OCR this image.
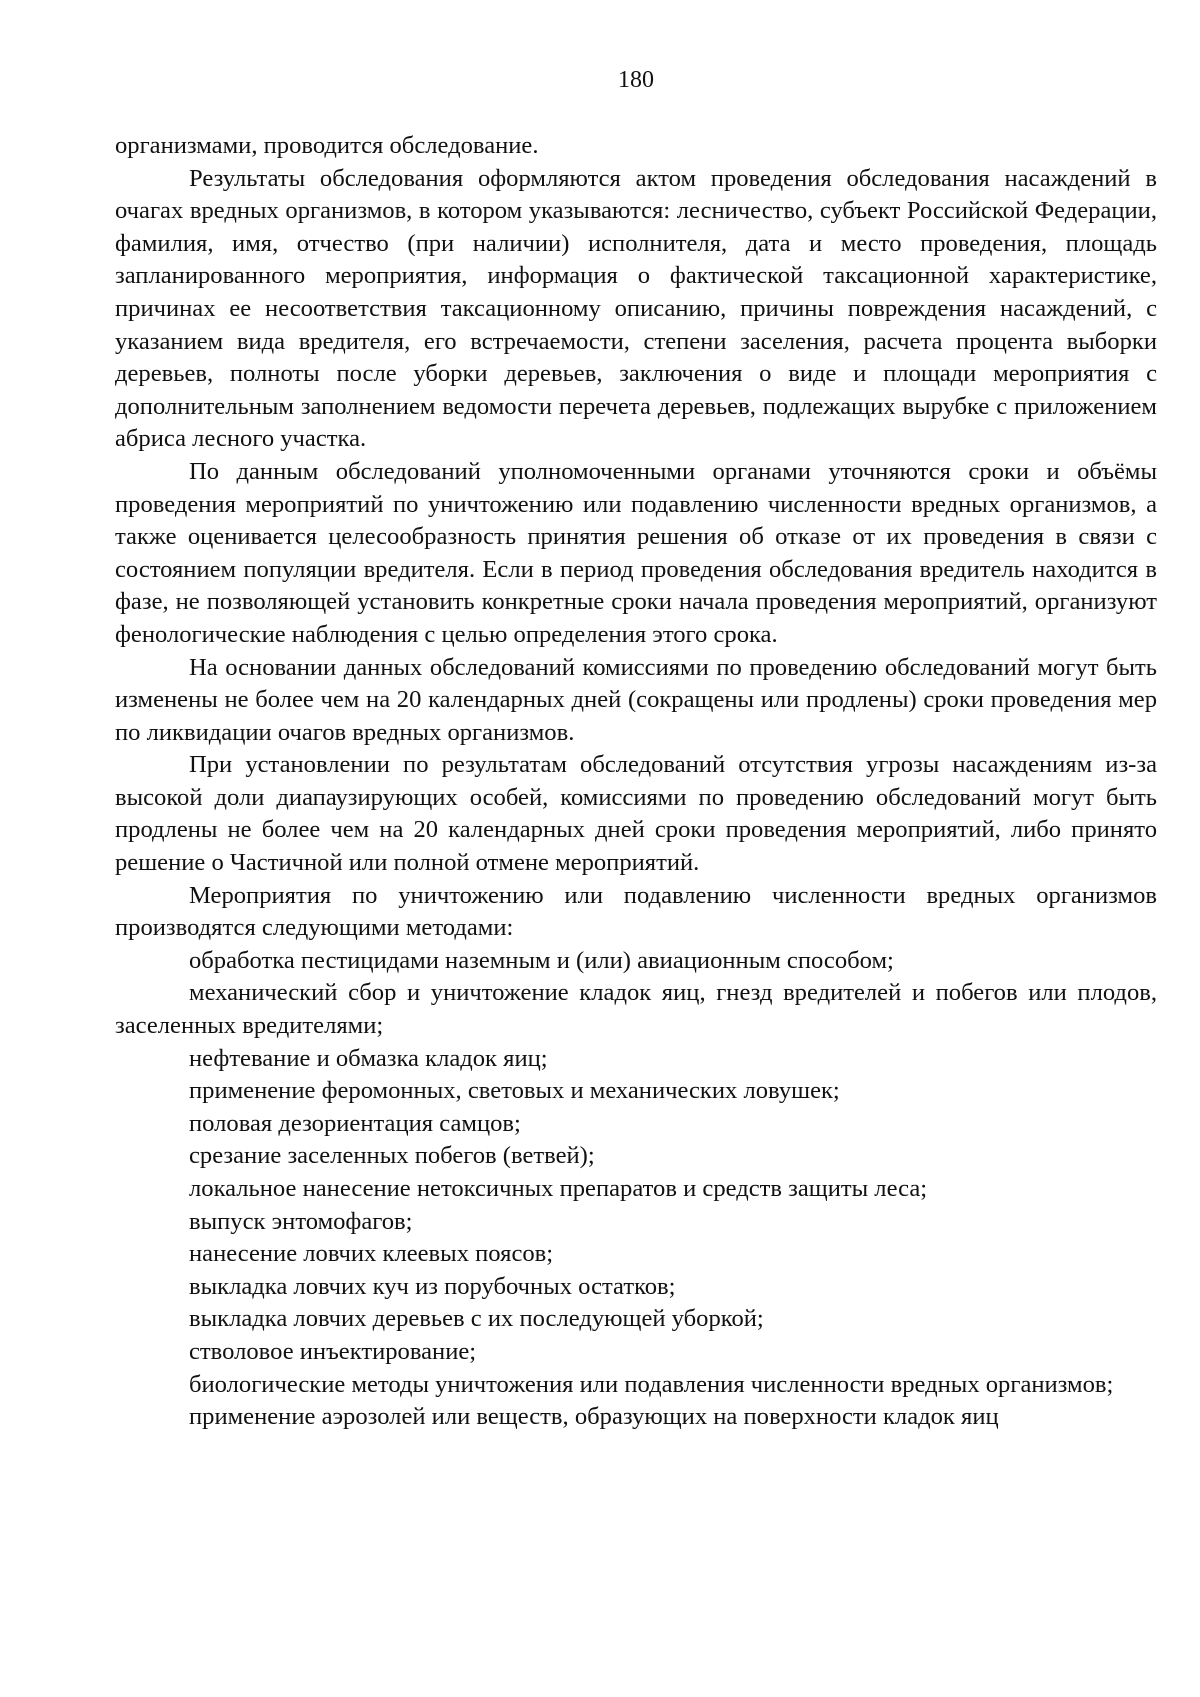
180

организмами, проводится обследование.

Результаты обследования оформляются актом проведения обследования насаждений в очагах вредных организмов, в котором указываются: лесничество, субъект Российской Федерации, фамилия, имя, отчество (при наличии) исполнителя, дата и место проведения, площадь запланированного мероприятия, информация о фактической таксационной характеристике, причинах ее несоответствия таксационному описанию, причины повреждения насаждений, с указанием вида вредителя, его встречаемости, степени заселения, расчета процента выборки деревьев, полноты после уборки деревьев, заключения о виде и площади мероприятия с дополнительным заполнением ведомости перечета деревьев, подлежащих вырубке с приложением абриса лесного участка.

По данным обследований уполномоченными органами уточняются сроки и объёмы проведения мероприятий по уничтожению или подавлению численности вредных организмов, а также оценивается целесообразность принятия решения об отказе от их проведения в связи с состоянием популяции вредителя. Если в период проведения обследования вредитель находится в фазе, не позволяющей установить конкретные сроки начала проведения мероприятий, организуют фенологические наблюдения с целью определения этого срока.

На основании данных обследований комиссиями по проведению обследований могут быть изменены не более чем на 20 календарных дней (сокращены или продлены) сроки проведения мер по ликвидации очагов вредных организмов.

При установлении по результатам обследований отсутствия угрозы насаждениям из-за высокой доли диапаузирующих особей, комиссиями по проведению обследований могут быть продлены не более чем на 20 календарных дней сроки проведения мероприятий, либо принято решение о Частичной или полной отмене мероприятий.

Мероприятия по уничтожению или подавлению численности вредных организмов производятся следующими методами:

обработка пестицидами наземным и (или) авиационным способом;

механический сбор и уничтожение кладок яиц, гнезд вредителей и побегов или плодов, заселенных вредителями;

нефтевание и обмазка кладок яиц;

применение феромонных, световых и механических ловушек;

половая дезориентация самцов;

срезание заселенных побегов (ветвей);

локальное нанесение нетоксичных препаратов и средств защиты леса;

выпуск энтомофагов;

нанесение ловчих клеевых поясов;

выкладка ловчих куч из порубочных остатков;

выкладка ловчих деревьев с их последующей уборкой;

стволовое инъектирование;

биологические методы уничтожения или подавления численности вредных организмов;

применение аэрозолей или веществ, образующих на поверхности кладок яиц
